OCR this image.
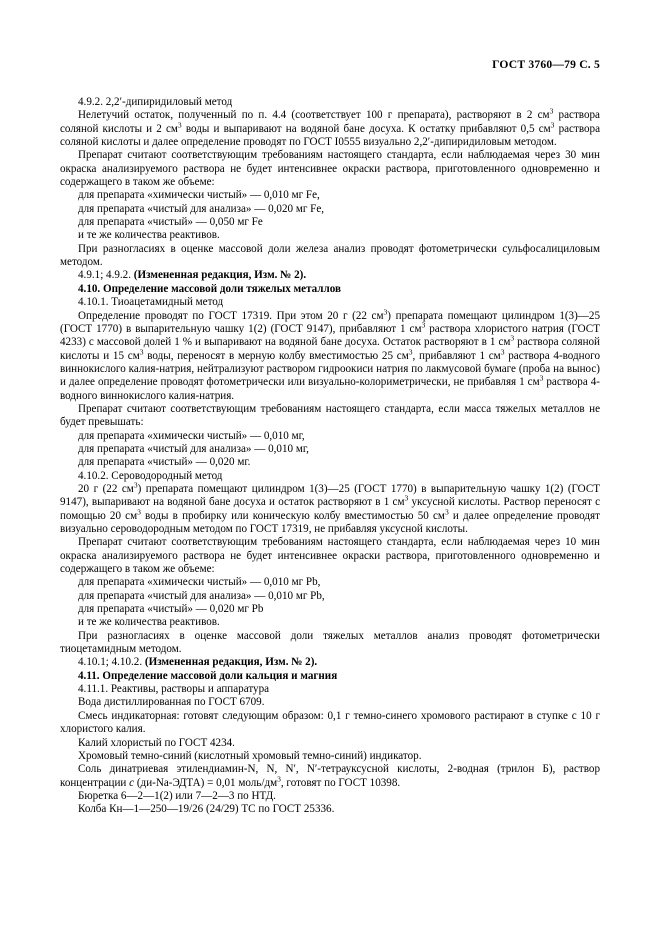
ГОСТ 3760—79 С. 5

4.9.2. 2,2′-дипиридиловый метод

Нелетучий остаток, полученный по п. 4.4 (соответствует 100 г препарата), растворяют в 2 $см^3$ раствора соляной кислоты и 2 $см^3$ воды и выпаривают на водяной бане досуха. К остатку прибавляют 0,5 $см^3$ раствора соляной кислоты и далее определение проводят по ГОСТ I0555 визуально 2,2′-дипиридиловым методом.

Препарат считают соответствующим требованиям настоящего стандарта, если наблюдаемая через 30 мин окраска анализируемого раствора не будет интенсивнее окраски раствора, приготовленного одновременно и содержащего в таком же объеме:

для препарата «химически чистый» — 0,010 мг Fe,

для препарата «чистый для анализа» — 0,020 мг Fe,

для препарата «чистый» — 0,050 мг Fe

и те же количества реактивов.

При разногласиях в оценке массовой доли железа анализ проводят фотометрически сульфосалициловым методом.

4.9.1; 4.9.2. (Измененная редакция, Изм. № 2).

4.10. Определение массовой доли тяжелых металлов

4.10.1. Тиоацетамидный метод

Определение проводят по ГОСТ 17319. При этом 20 г (22 $см^3$) препарата помещают цилиндром 1(3)—25 (ГОСТ 1770) в выпарительную чашку 1(2) (ГОСТ 9147), прибавляют 1 $см^3$ раствора хлористого натрия (ГОСТ 4233) с массовой долей 1 % и выпаривают на водяной бане досуха. Остаток растворяют в 1 $см^3$ раствора соляной кислоты и 15 $см^3$ воды, переносят в мерную колбу вместимостью 25 $см^3$, прибавляют 1 $см^3$ раствора 4-водного виннокислого калия-натрия, нейтрализуют раствором гидроокиси натрия по лакмусовой бумаге (проба на вынос) и далее определение проводят фотометрически или визуально-колориметрически, не прибавляя 1 $см^3$ раствора 4-водного виннокислого калия-натрия.

Препарат считают соответствующим требованиям настоящего стандарта, если масса тяжелых металлов не будет превышать:

для препарата «химически чистый» — 0,010 мг,

для препарата «чистый для анализа» — 0,010 мг,

для препарата «чистый» — 0,020 мг.

4.10.2. Сероводородный метод

20 г (22 $см^3$) препарата помещают цилиндром 1(3)—25 (ГОСТ 1770) в выпарительную чашку 1(2) (ГОСТ 9147), выпаривают на водяной бане досуха и остаток растворяют в 1 $см^3$ уксусной кислоты. Раствор переносят с помощью 20 $см^3$ воды в пробирку или коническую колбу вместимостью 50 $см^3$ и далее определение проводят визуально сероводородным методом по ГОСТ 17319, не прибавляя уксусной кислоты.

Препарат считают соответствующим требованиям настоящего стандарта, если наблюдаемая через 10 мин окраска анализируемого раствора не будет интенсивнее окраски раствора, приготовленного одновременно и содержащего в таком же объеме:

для препарата «химически чистый» — 0,010 мг Pb,

для препарата «чистый для анализа» — 0,010 мг Pb,

для препарата «чистый» — 0,020 мг Pb

и те же количества реактивов.

При разногласиях в оценке массовой доли тяжелых металлов анализ проводят фотометрически тиоцетамидным методом.

4.10.1; 4.10.2. (Измененная редакция, Изм. № 2).

4.11. Определение массовой доли кальция и магния

4.11.1. Реактивы, растворы и аппаратура

Вода дистиллированная по ГОСТ 6709.

Смесь индикаторная: готовят следующим образом: 0,1 г темно-синего хромового растирают в ступке с 10 г хлористого калия.

Калий хлористый по ГОСТ 4234.

Хромовый темно-синий (кислотный хромовый темно-синий) индикатор.

Соль динатриевая этилендиамин-N, N, N′, N′-тетрауксусной кислоты, 2-водная (трилон Б), раствор концентрации c (ди-Na-ЭДТА) = 0,01 моль/$дм^3$, готовят по ГОСТ 10398.

Бюретка 6—2—1(2) или 7—2—3 по НТД.

Колба Кн—1—250—19/26 (24/29) ТС по ГОСТ 25336.
